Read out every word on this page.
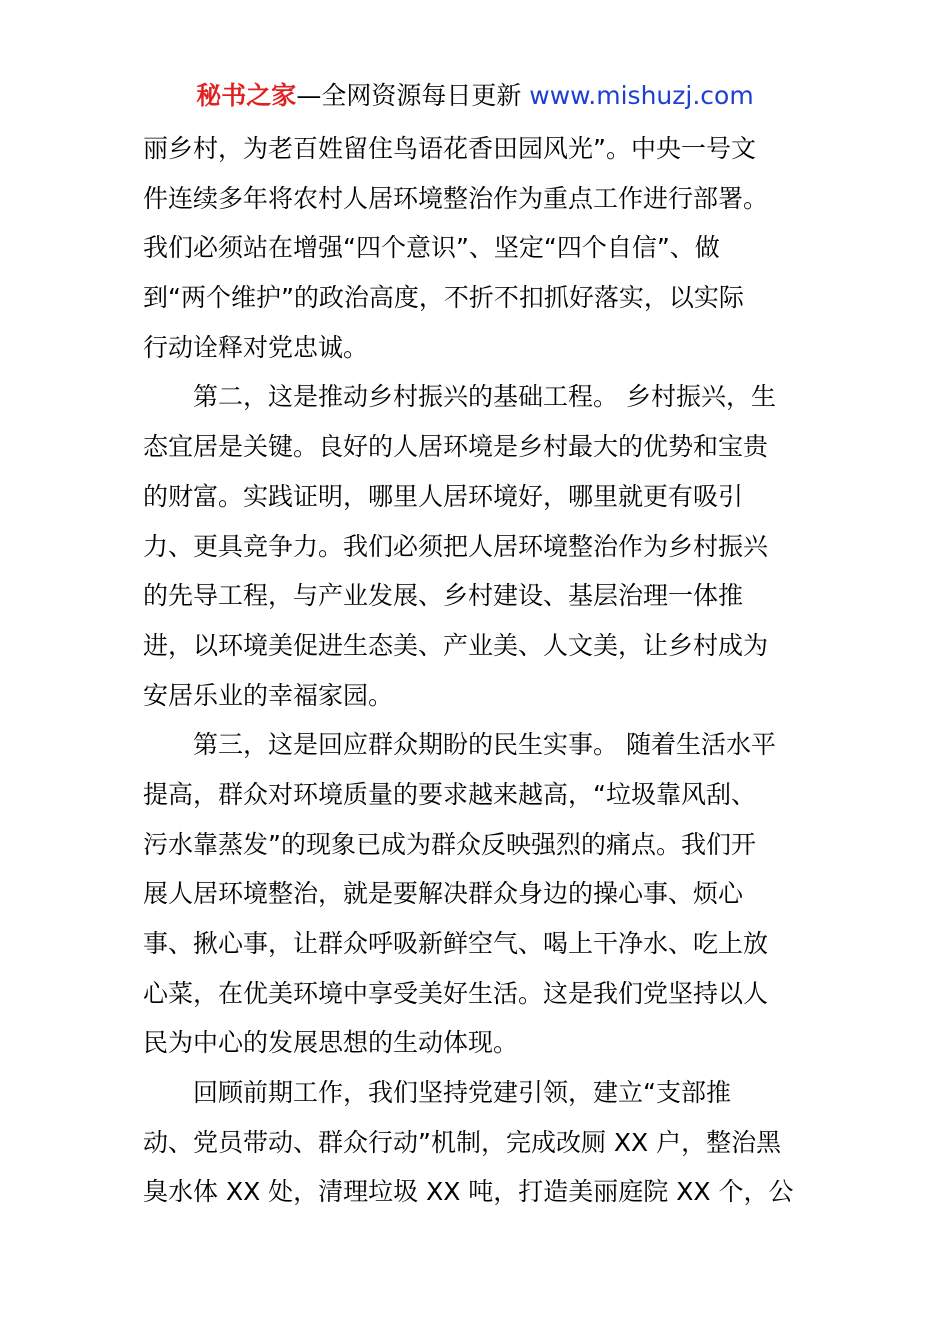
秘书之家—全网资源每日更新 www.mishuzj.com
丽乡村，为老百姓留住鸟语花香田园风光”。中央一号文
件连续多年将农村人居环境整治作为重点工作进行部署。
我们必须站在增强“四个意识”、坚定“四个自信”、做
到“两个维护”的政治高度，不折不扣抓好落实，以实际
行动诠释对党忠诚。
第二，这是推动乡村振兴的基础工程。 乡村振兴，生
态宜居是关键。良好的人居环境是乡村最大的优势和宝贵
的财富。实践证明，哪里人居环境好，哪里就更有吸引
力、更具竞争力。我们必须把人居环境整治作为乡村振兴
的先导工程，与产业发展、乡村建设、基层治理一体推
进，以环境美促进生态美、产业美、人文美，让乡村成为
安居乐业的幸福家园。
第三，这是回应群众期盼的民生实事。 随着生活水平
提高，群众对环境质量的要求越来越高，“垃圾靠风刮、
污水靠蒸发”的现象已成为群众反映强烈的痛点。我们开
展人居环境整治，就是要解决群众身边的操心事、烦心
事、揪心事，让群众呼吸新鲜空气、喝上干净水、吃上放
心菜，在优美环境中享受美好生活。这是我们党坚持以人
民为中心的发展思想的生动体现。
回顾前期工作，我们坚持党建引领，建立“支部推
动、党员带动、群众行动”机制，完成改厕 XX 户，整治黑
臭水体 XX 处，清理垃圾 XX 吨，打造美丽庭院 XX 个，公
